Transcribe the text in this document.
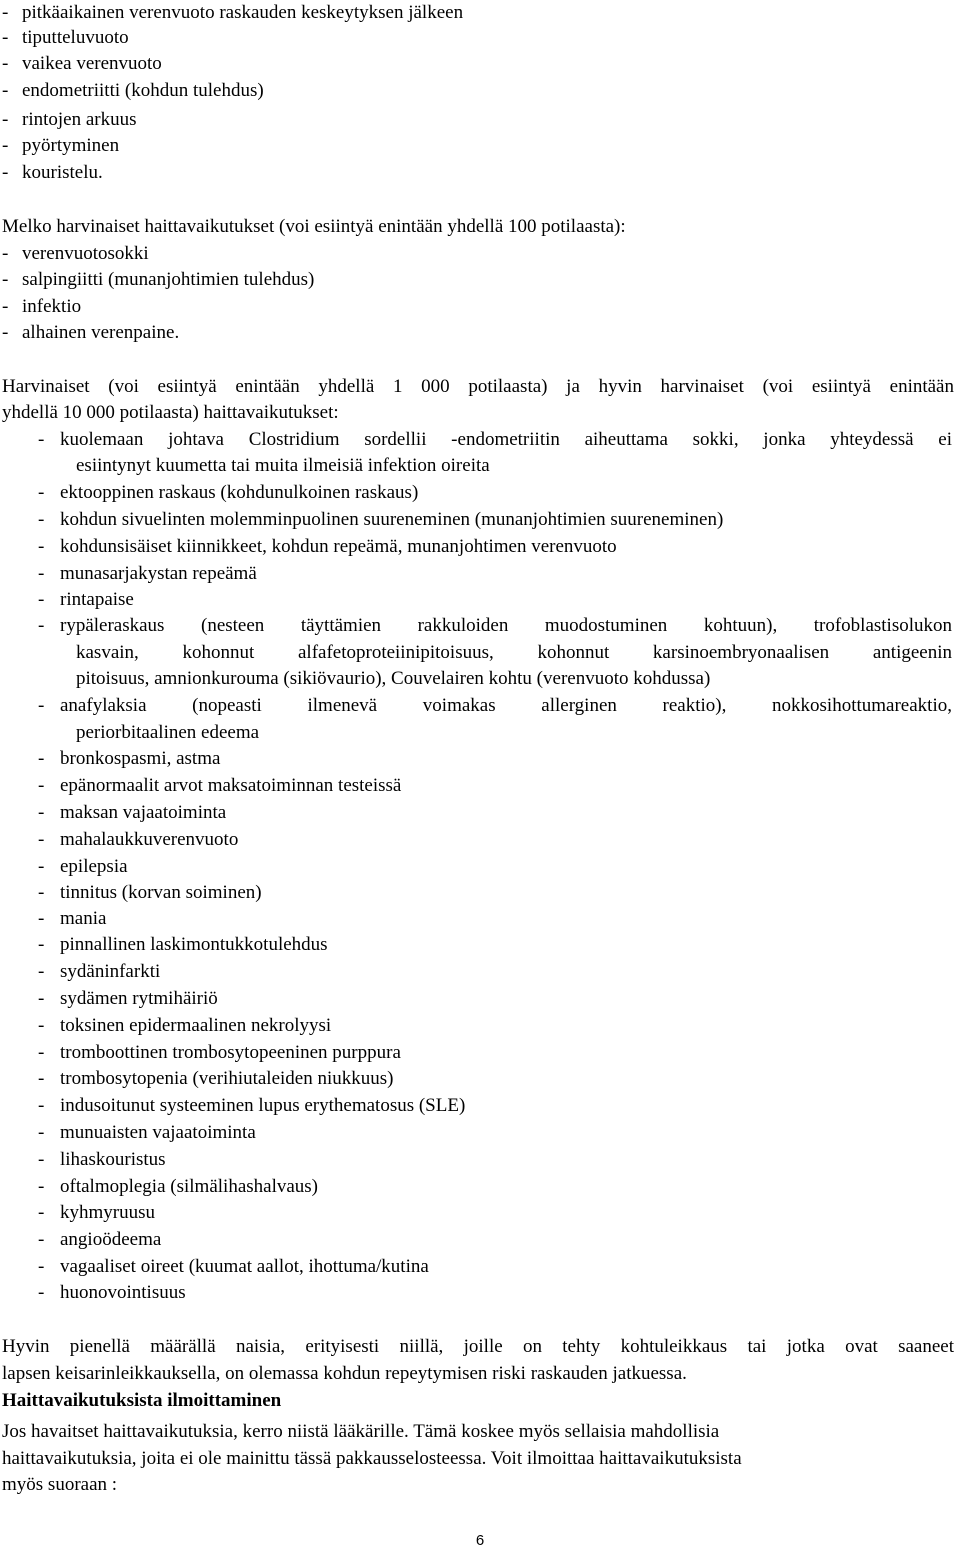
- pitkäaikainen verenvuoto raskauden keskeytyksen jälkeen
- tiputteluvuoto
- vaikea verenvuoto
- endometriitti (kohdun tulehdus)
- rintojen arkuus
- pyörtyminen
- kouristelu.
Melko harvinaiset haittavaikutukset (voi esiintyä enintään yhdellä 100 potilaasta):
- verenvuotosokki
- salpingiitti (munanjohtimien tulehdus)
- infektio
- alhainen verenpaine.
Harvinaiset (voi esiintyä enintään yhdellä 1 000 potilaasta) ja hyvin harvinaiset (voi esiintyä enintään
yhdellä 10 000 potilaasta) haittavaikutukset:
- kuolemaan johtava Clostridium sordellii -endometriitin aiheuttama sokki, jonka yhteydessä ei
esiintynyt kuumetta tai muita ilmeisiä infektion oireita
- ektooppinen raskaus (kohdunulkoinen raskaus)
- kohdun sivuelinten molemminpuolinen suureneminen (munanjohtimien suureneminen)
- kohdunsisäiset kiinnikkeet, kohdun repeämä, munanjohtimen verenvuoto
- munasarjakystan repeämä
- rintapaise
- rypäleraskaus (nesteen täyttämien rakkuloiden muodostuminen kohtuun), trofoblastisolukon
kasvain, kohonnut alfafetoproteiinipitoisuus, kohonnut karsinoembryonaalisen antigeenin
pitoisuus, amnionkurouma (sikiövaurio), Couvelairen kohtu (verenvuoto kohdussa)
- anafylaksia (nopeasti ilmenevä voimakas allerginen reaktio), nokkosihottumareaktio,
periorbitaalinen edeema
- bronkospasmi, astma
- epänormaalit arvot maksatoiminnan testeissä
- maksan vajaatoiminta
- mahalaukkuverenvuoto
- epilepsia
- tinnitus (korvan soiminen)
- mania
- pinnallinen laskimontukkotulehdus
- sydäninfarkti
- sydämen rytmihäiriö
- toksinen epidermaalinen nekrolyysi
- tromboottinen trombosytopeeninen purppura
- trombosytopenia (verihiutaleiden niukkuus)
- indusoitunut systeeminen lupus erythematosus (SLE)
- munuaisten vajaatoiminta
- lihaskouristus
- oftalmoplegia (silmälihashalvaus)
- kyhmyruusu
- angioödeema
- vagaaliset oireet (kuumat aallot, ihottuma/kutina
- huonovointisuus
Hyvin pienellä määrällä naisia, erityisesti niillä, joille on tehty kohtuleikkaus tai jotka ovat saaneet
lapsen keisarinleikkauksella, on olemassa kohdun repeytymisen riski raskauden jatkuessa.
Haittavaikutuksista ilmoittaminen
Jos havaitset haittavaikutuksia, kerro niistä lääkärille. Tämä koskee myös sellaisia mahdollisia
haittavaikutuksia, joita ei ole mainittu tässä pakkausselosteessa. Voit ilmoittaa haittavaikutuksista
myös suoraan :
6
